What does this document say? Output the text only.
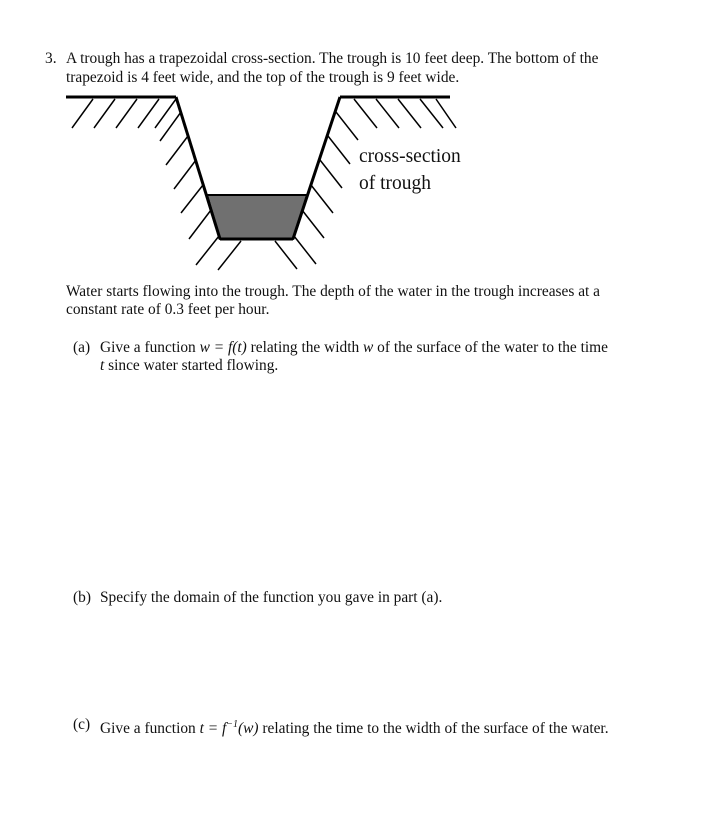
3. A trough has a trapezoidal cross-section. The trough is 10 feet deep. The bottom of the
trapezoid is 4 feet wide, and the top of the trough is 9 feet wide.
cross-section
of trough
Water starts flowing into the trough. The depth of the water in the trough increases at a
constant rate of 0.3 feet per hour.
(a) Give a function w = f(t) relating the width w of the surface of the water to the time
t since water started flowing.
(b) Specify the domain of the function you gave in part (a).
(c) Give a function $t = f^{-1}(w)$ relating the time to the width of the surface of the water.
